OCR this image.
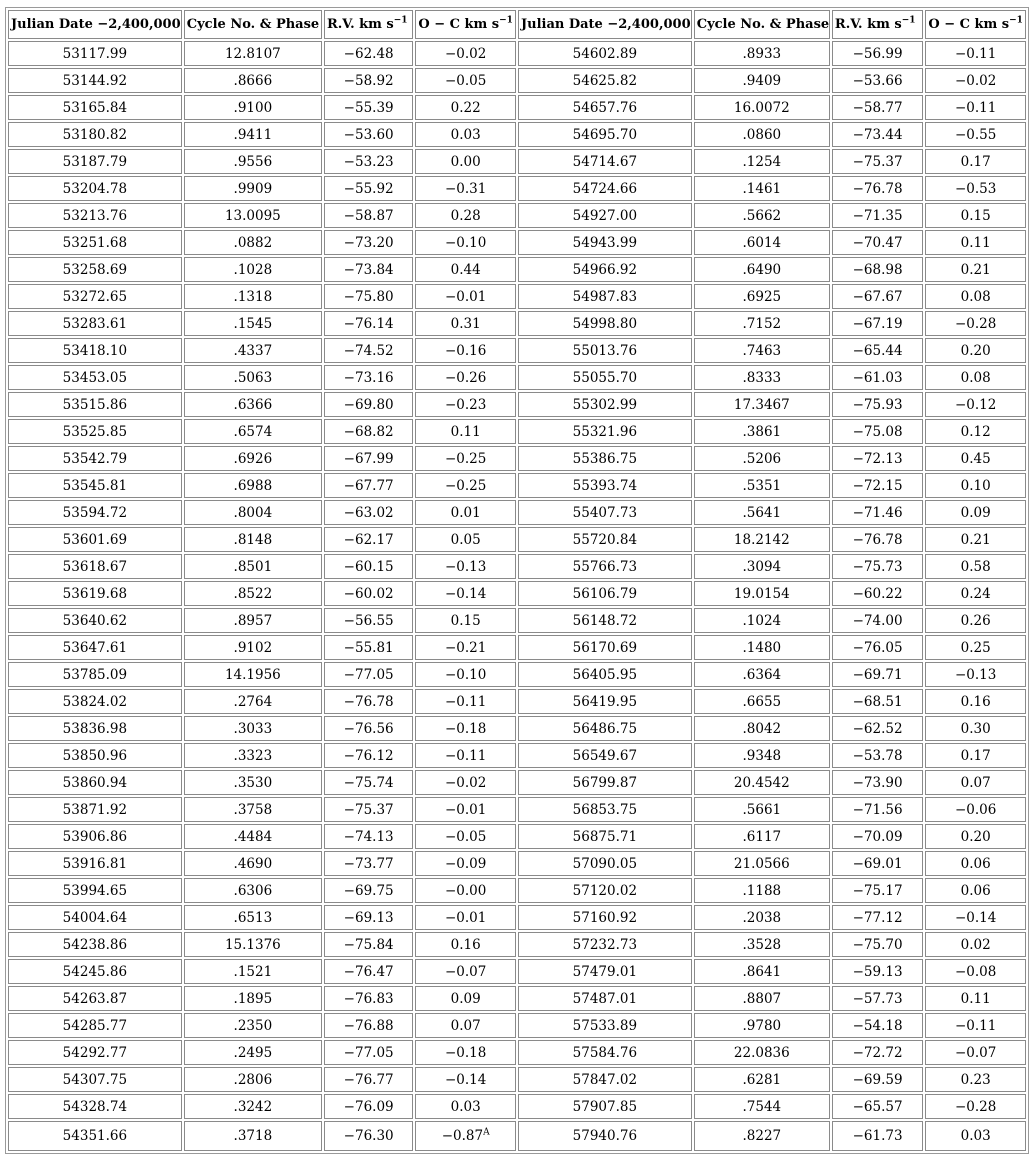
Julian Date −2,400,000	Cycle No. & Phase	R.V. km $s^{-1}$	O − C km $s^{-1}$	Julian Date −2,400,000	Cycle No. & Phase	R.V. km $s^{-1}$	O − C km $s^{-1}$
53117.99	12.8107	−62.48	−0.02	54602.89	.8933	−56.99	−0.11
53144.92	.8666	−58.92	−0.05	54625.82	.9409	−53.66	−0.02
53165.84	.9100	−55.39	0.22	54657.76	16.0072	−58.77	−0.11
53180.82	.9411	−53.60	0.03	54695.70	.0860	−73.44	−0.55
53187.79	.9556	−53.23	0.00	54714.67	.1254	−75.37	0.17
53204.78	.9909	−55.92	−0.31	54724.66	.1461	−76.78	−0.53
53213.76	13.0095	−58.87	0.28	54927.00	.5662	−71.35	0.15
53251.68	.0882	−73.20	−0.10	54943.99	.6014	−70.47	0.11
53258.69	.1028	−73.84	0.44	54966.92	.6490	−68.98	0.21
53272.65	.1318	−75.80	−0.01	54987.83	.6925	−67.67	0.08
53283.61	.1545	−76.14	0.31	54998.80	.7152	−67.19	−0.28
53418.10	.4337	−74.52	−0.16	55013.76	.7463	−65.44	0.20
53453.05	.5063	−73.16	−0.26	55055.70	.8333	−61.03	0.08
53515.86	.6366	−69.80	−0.23	55302.99	17.3467	−75.93	−0.12
53525.85	.6574	−68.82	0.11	55321.96	.3861	−75.08	0.12
53542.79	.6926	−67.99	−0.25	55386.75	.5206	−72.13	0.45
53545.81	.6988	−67.77	−0.25	55393.74	.5351	−72.15	0.10
53594.72	.8004	−63.02	0.01	55407.73	.5641	−71.46	0.09
53601.69	.8148	−62.17	0.05	55720.84	18.2142	−76.78	0.21
53618.67	.8501	−60.15	−0.13	55766.73	.3094	−75.73	0.58
53619.68	.8522	−60.02	−0.14	56106.79	19.0154	−60.22	0.24
53640.62	.8957	−56.55	0.15	56148.72	.1024	−74.00	0.26
53647.61	.9102	−55.81	−0.21	56170.69	.1480	−76.05	0.25
53785.09	14.1956	−77.05	−0.10	56405.95	.6364	−69.71	−0.13
53824.02	.2764	−76.78	−0.11	56419.95	.6655	−68.51	0.16
53836.98	.3033	−76.56	−0.18	56486.75	.8042	−62.52	0.30
53850.96	.3323	−76.12	−0.11	56549.67	.9348	−53.78	0.17
53860.94	.3530	−75.74	−0.02	56799.87	20.4542	−73.90	0.07
53871.92	.3758	−75.37	−0.01	56853.75	.5661	−71.56	−0.06
53906.86	.4484	−74.13	−0.05	56875.71	.6117	−70.09	0.20
53916.81	.4690	−73.77	−0.09	57090.05	21.0566	−69.01	0.06
53994.65	.6306	−69.75	−0.00	57120.02	.1188	−75.17	0.06
54004.64	.6513	−69.13	−0.01	57160.92	.2038	−77.12	−0.14
54238.86	15.1376	−75.84	0.16	57232.73	.3528	−75.70	0.02
54245.86	.1521	−76.47	−0.07	57479.01	.8641	−59.13	−0.08
54263.87	.1895	−76.83	0.09	57487.01	.8807	−57.73	0.11
54285.77	.2350	−76.88	0.07	57533.89	.9780	−54.18	−0.11
54292.77	.2495	−77.05	−0.18	57584.76	22.0836	−72.72	−0.07
54307.75	.2806	−76.77	−0.14	57847.02	.6281	−69.59	0.23
54328.74	.3242	−76.09	0.03	57907.85	.7544	−65.57	−0.28
54351.66	.3718	−76.30	$-0.87^A$	57940.76	.8227	−61.73	0.03
